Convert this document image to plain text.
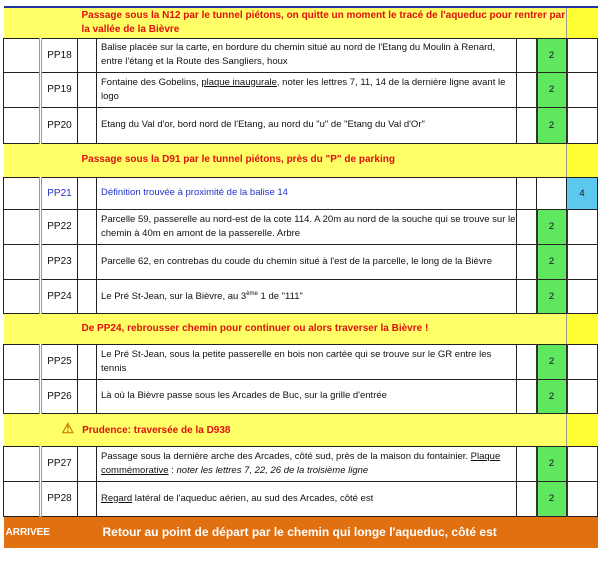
		Passage sous la N12 par le tunnel piétons, on quitte un moment le tracé de l'aqueduc pour rentrer par la vallée de la Bièvre				
	PP18		Balise placée sur la carte, en bordure du chemin situé au nord de l'Etang du Moulin à Renard, entre l'étang et la Route des Sangliers, houx		2	
	PP19		Fontaine des Gobelins, plaque inaugurale, noter les lettres 7, 11, 14 de la dernière ligne avant le logo		2	
	PP20		Etang du Val d'or, bord nord de l'Etang, au nord du "u" de "Etang du Val d'Or"		2	
		Passage sous la D91 par le tunnel piétons, près du "P" de parking				
	PP21		Définition trouvée à proximité de la balise 14			4
	PP22		Parcelle 59, passerelle au nord-est de la cote 114. A 20m au nord de la souche qui se trouve sur le chemin à 40m en amont de la passerelle. Arbre		2	
	PP23		Parcelle 62, en contrebas du coude du chemin situé à l'est de la parcelle, le long de la Bièvre		2	
	PP24		Le Pré St-Jean, sur la Bièvre, au 3ème 1 de "111"		2	
		De PP24, rebrousser chemin pour continuer ou alors traverser la Bièvre !				
	PP25		Le Pré St-Jean, sous la petite passerelle en bois non cartée qui se trouve sur le GR entre les tennis		2	
	PP26		Là où la Bièvre passe sous les Arcades de Buc, sur la grille d'entrée		2	
		⚠ Prudence: traversée de la D938				
	PP27		Passage sous la dernière arche des Arcades, côté sud, près de la maison du fontainier. Plaque commémorative : noter les lettres 7, 22, 26 de la troisième ligne		2	
	PP28		Regard latéral de l'aqueduc aérien, au sud des Arcades, côté est		2	
ARRIVEE			Retour au point de départ par le chemin qui longe l'aqueduc, côté est			
